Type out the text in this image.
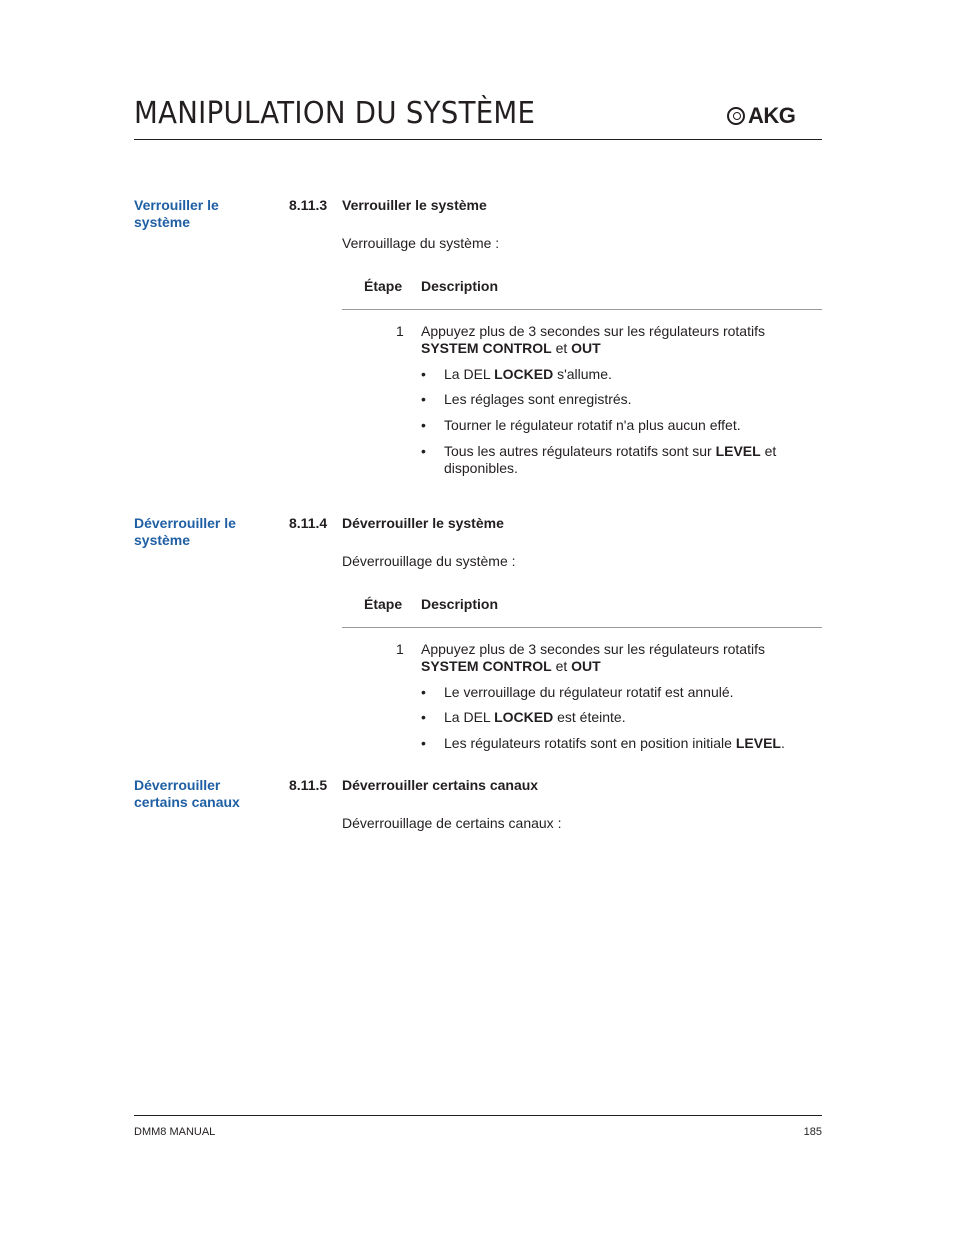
MANIPULATION DU SYSTÈME	AKG
Verrouiller le système
8.11.3 Verrouiller le système
Verrouillage du système :
Étape Description
1 Appuyez plus de 3 secondes sur les régulateurs rotatifs
SYSTEM CONTROL et OUT
• La DEL LOCKED s'allume.
• Les réglages sont enregistrés.
• Tourner le régulateur rotatif n'a plus aucun effet.
• Tous les autres régulateurs rotatifs sont sur LEVEL et disponibles.
Déverrouiller le système
8.11.4 Déverrouiller le système
Déverrouillage du système :
Étape Description
1 Appuyez plus de 3 secondes sur les régulateurs rotatifs
SYSTEM CONTROL et OUT
• Le verrouillage du régulateur rotatif est annulé.
• La DEL LOCKED est éteinte.
• Les régulateurs rotatifs sont en position initiale LEVEL.
Déverrouiller certains canaux
8.11.5 Déverrouiller certains canaux
Déverrouillage de certains canaux :
DMM8 MANUAL	185
